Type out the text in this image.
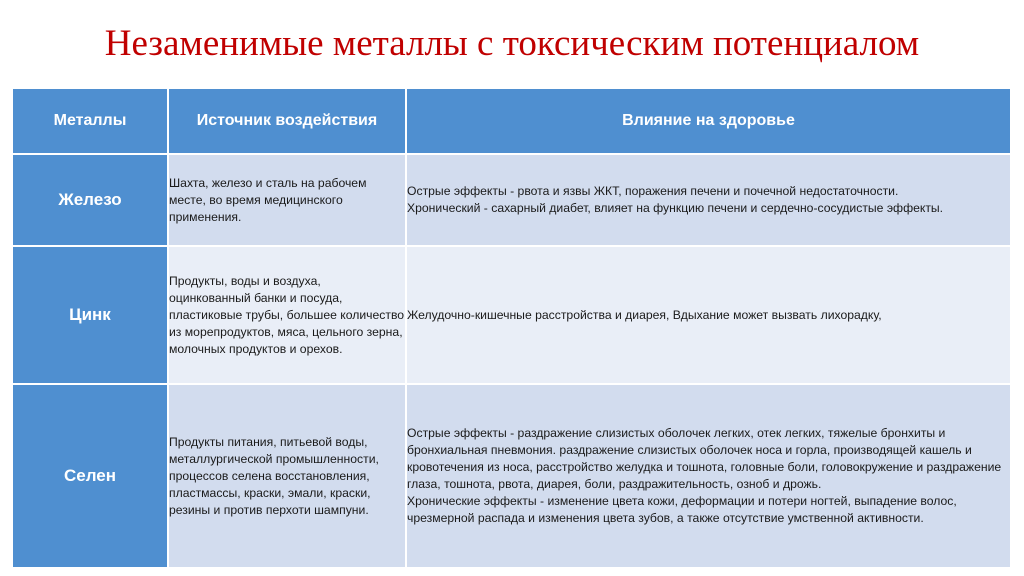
Незаменимые металлы с токсическим потенциалом
Металлы	Источник воздействия	Влияние на здоровье
Железо	Шахта, железо и сталь на рабочем месте, во время медицинского применения.	Острые эффекты - рвота и язвы ЖКТ, поражения печени и почечной недостаточности.
Хронический - сахарный диабет, влияет на функцию печени и сердечно-сосудистые эффекты.

Цинк	Продукты, воды и воздуха, оцинкованный банки и посуда, пластиковые трубы, большее количество из морепродуктов, мяса, цельного зерна, молочных продуктов и орехов.	Желудочно-кишечные расстройства и диарея, Вдыхание может вызвать лихорадку,

Селен	Продукты питания, питьевой воды, металлургической промышленности, процессов селена восстановления, пластмассы, краски, эмали, краски, резины и против перхоти шампуни.	Острые эффекты - раздражение слизистых оболочек легких, отек легких, тяжелые бронхиты и бронхиальная пневмония. раздражение слизистых оболочек носа и горла, производящей кашель и кровотечения из носа, расстройство желудка и тошнота, головные боли, головокружение и раздражение глаза, тошнота, рвота, диарея, боли, раздражительность, озноб и дрожь.
Хронические эффекты - изменение цвета кожи, деформации и потери ногтей, выпадение волос, чрезмерной распада и изменения цвета зубов, а также отсутствие умственной активности.
